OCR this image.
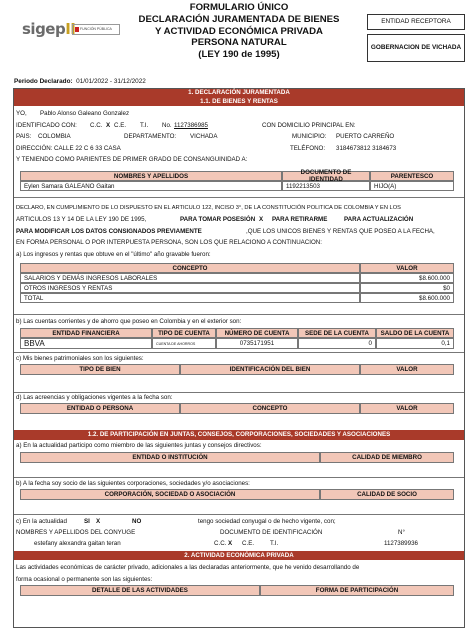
sigepII	FUNCIÓN PÚBLICA
FORMULARIO ÚNICO
DECLARACIÓN JURAMENTADA DE BIENES
Y ACTIVIDAD ECONÓMICA PRIVADA
PERSONA NATURAL
(LEY 190 de 1995)
ENTIDAD RECEPTORA
GOBERNACION DE VICHADA
Periodo Declarado: 01/01/2022 - 31/12/2022
1. DECLARACIÓN JURAMENTADA
1.1. DE BIENES Y RENTAS
YO, Pablo Alonso Galeano Gonzalez
IDENTIFICADO CON: C.C. X C.E. T.I. No. 1127386985	CON DOMICILIO PRINCIPAL EN:
PAIS: COLOMBIA	DEPARTAMENTO: VICHADA	MUNICIPIO: PUERTO CARREÑO
DIRECCIÓN: CALLE 22 C 6 33 CASA	TELÉFONO: 3184673812 3184673
Y TENIENDO COMO PARIENTES DE PRIMER GRADO DE CONSANGUINIDAD A:
NOMBRES Y APELLIDOS	DOCUMENTO DE IDENTIDAD	PARENTESCO
Eylen Samara GALEANO Gaitan	1192213503	HIJO(A)
DECLARO, EN CUMPLIMIENTO DE LO DISPUESTO EN EL ARTICULO 122, INCISO 3°, DE LA CONSTITUCIÓN POLITICA DE COLOMBIA Y EN LOS
ARTICULOS 13 Y 14 DE LA LEY 190 DE 1995,	PARA TOMAR POSESIÓN X PARA RETIRARME	PARA ACTUALIZACIÓN
PARA MODIFICAR LOS DATOS CONSIGNADOS PREVIAMENTE	,QUE LOS UNICOS BIENES Y RENTAS QUE POSEO A LA FECHA,
EN FORMA PERSONAL O POR INTERPUESTA PERSONA, SON LOS QUE RELACIONO A CONTINUACION:
a) Los ingresos y rentas que obtuve en el "último" año gravable fueron:
CONCEPTO	VALOR
SALARIOS Y DEMÁS INGRESOS LABORALES	$8.600.000
OTROS INGRESOS Y RENTAS	$0
TOTAL	$8.600.000
b) Las cuentas corrientes y de ahorro que poseo en Colombia y en el exterior son:
ENTIDAD FINANCIERA	TIPO DE CUENTA	NÚMERO DE CUENTA	SEDE DE LA CUENTA	SALDO DE LA CUENTA
BBVA	CUENTA DE AHORROS	0735171951	0	0,1
c) Mis bienes patrimoniales son los siguientes:
TIPO DE BIEN	IDENTIFICACIÓN DEL BIEN	VALOR
d) Las acreencias y obligaciones vigentes a la fecha son:
ENTIDAD O PERSONA	CONCEPTO	VALOR
1.2. DE PARTICIPACIÓN EN JUNTAS, CONSEJOS, CORPORACIONES, SOCIEDADES Y ASOCIACIONES
a) En la actualidad participo como miembro de las siguientes juntas y consejos directivos:
ENTIDAD O INSTITUCIÓN	CALIDAD DE MIEMBRO
b) A la fecha soy socio de las siguientes corporaciones, sociedades y/o asociaciones:
CORPORACIÓN, SOCIEDAD O ASOCIACIÓN	CALIDAD DE SOCIO
c) En la actualidad	SI X	NO	tengo sociedad conyugal o de hecho vigente, con;
NOMBRES Y APELLIDOS DEL CONYUGE	DOCUMENTO DE IDENTIFICACIÓN	N°
estefany alexandra gaitan teran	C.C. X C.E.	T.I.	1127389936
2. ACTIVIDAD ECONÓMICA PRIVADA
Las actividades económicas de carácter privado, adicionales a las declaradas anteriormente, que he venido desarrollando de
forma ocasional o permanente son las siguientes:
DETALLE DE LAS ACTIVIDADES	FORMA DE PARTICIPACIÓN
